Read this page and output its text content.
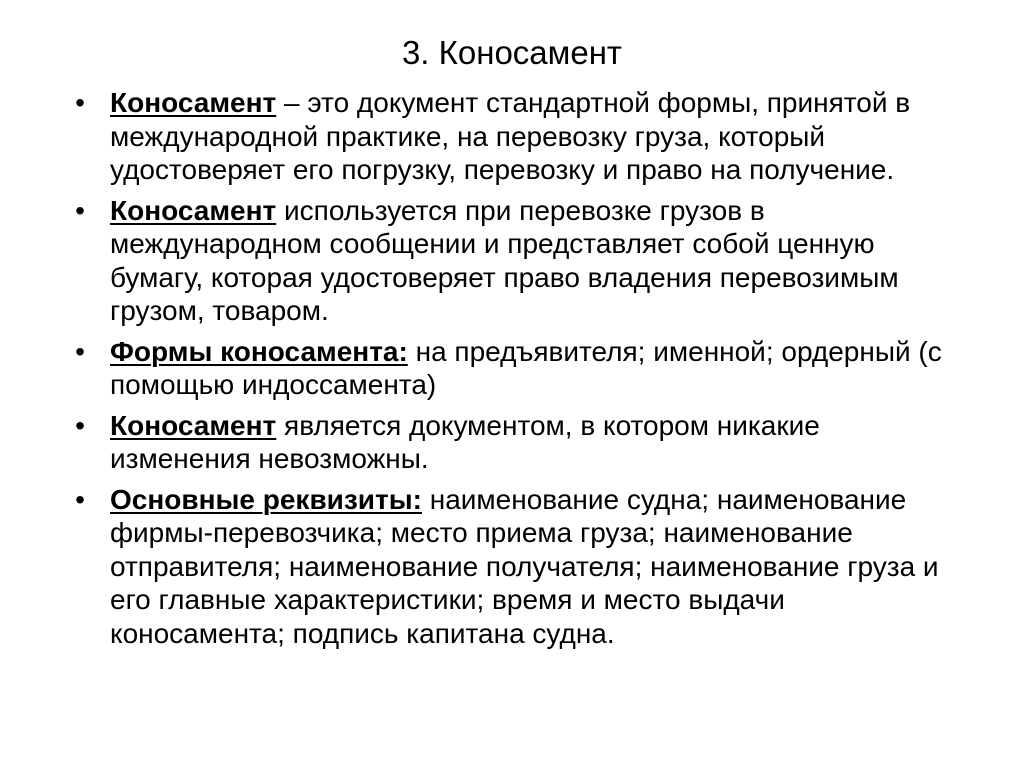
3. Коносамент
• Коносамент – это документ стандартной формы, принятой в международной практике, на перевозку груза, который удостоверяет его погрузку, перевозку и право на получение.
• Коносамент используется при перевозке грузов в международном сообщении и представляет собой ценную бумагу, которая удостоверяет право владения перевозимым грузом, товаром.
• Формы коносамента: на предъявителя; именной; ордерный (с помощью индоссамента)
• Коносамент является документом, в котором никакие изменения невозможны.
• Основные реквизиты: наименование судна; наименование фирмы-перевозчика; место приема груза; наименование отправителя; наименование получателя; наименование груза и его главные характеристики; время и место выдачи коносамента; подпись капитана судна.
